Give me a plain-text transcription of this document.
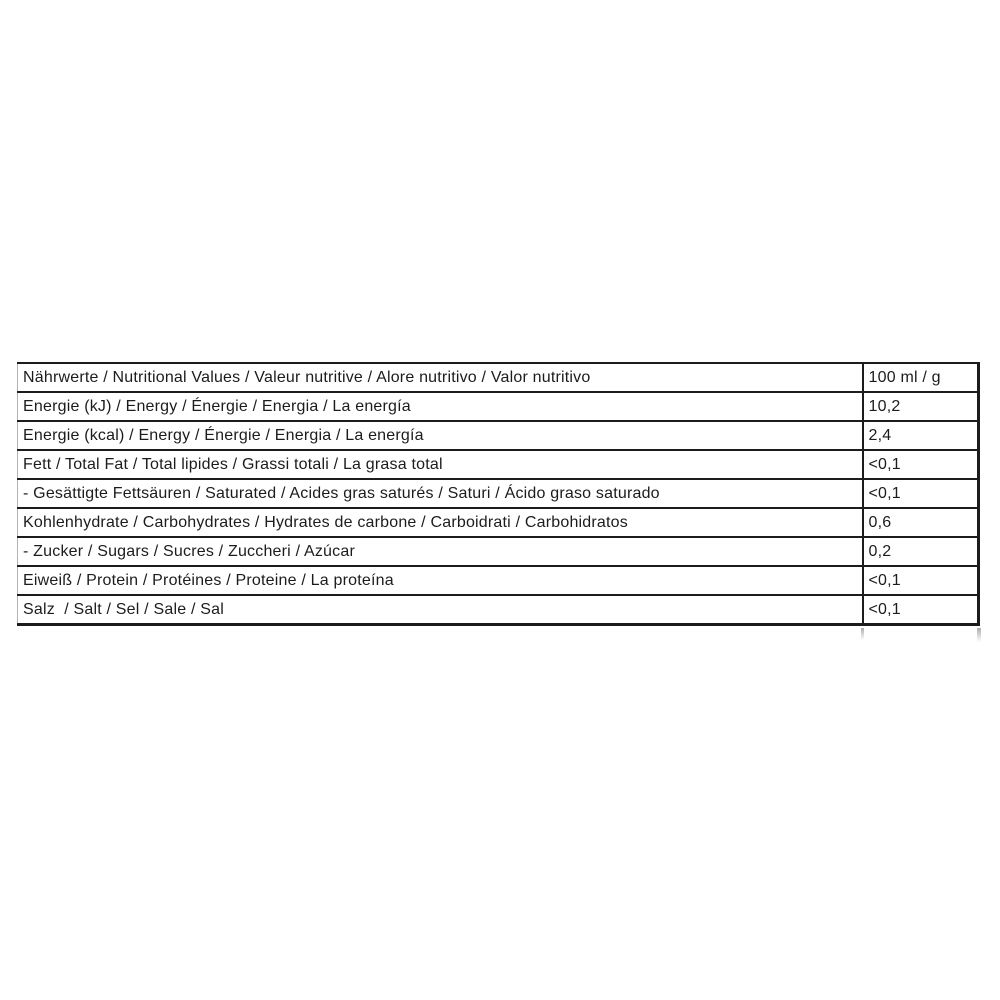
Nährwerte / Nutritional Values / Valeur nutritive / Alore nutritivo / Valor nutritivo	100 ml / g
Energie (kJ) / Energy / Énergie / Energia / La energía	10,2
Energie (kcal) / Energy / Énergie / Energia / La energía	2,4
Fett / Total Fat / Total lipides / Grassi totali / La grasa total	<0,1
- Gesättigte Fettsäuren / Saturated / Acides gras saturés / Saturi / Ácido graso saturado	<0,1
Kohlenhydrate / Carbohydrates / Hydrates de carbone / Carboidrati / Carbohidratos	0,6
- Zucker / Sugars / Sucres / Zuccheri / Azúcar	0,2
Eiweiß / Protein / Protéines / Proteine / La proteína	<0,1
Salz  / Salt / Sel / Sale / Sal	<0,1
